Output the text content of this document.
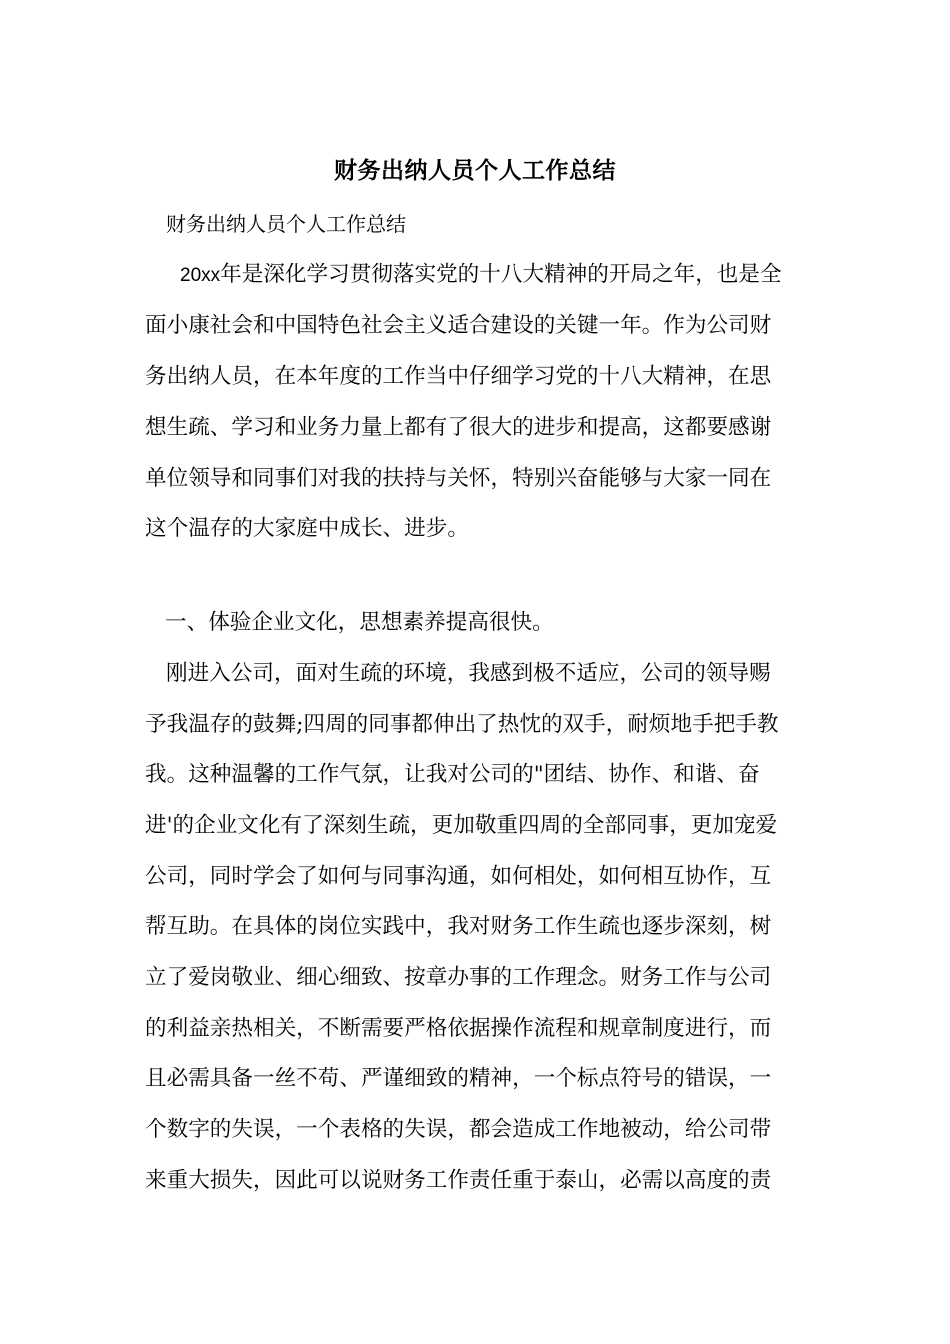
财务出纳人员个人工作总结
财务出纳人员个人工作总结
20xx年是深化学习贯彻落实党的十八大精神的开局之年，也是全
面小康社会和中国特色社会主义适合建设的关键一年。作为公司财
务出纳人员，在本年度的工作当中仔细学习党的十八大精神，在思
想生疏、学习和业务力量上都有了很大的进步和提高，这都要感谢
单位领导和同事们对我的扶持与关怀，特别兴奋能够与大家一同在
这个温存的大家庭中成长、进步。
一、体验企业文化，思想素养提高很快。
刚进入公司，面对生疏的环境，我感到极不适应，公司的领导赐
予我温存的鼓舞;四周的同事都伸出了热忱的双手，耐烦地手把手教
我。这种温馨的工作气氛，让我对公司的"团结、协作、和谐、奋
进'的企业文化有了深刻生疏，更加敬重四周的全部同事，更加宠爱
公司，同时学会了如何与同事沟通，如何相处，如何相互协作，互
帮互助。在具体的岗位实践中，我对财务工作生疏也逐步深刻，树
立了爱岗敬业、细心细致、按章办事的工作理念。财务工作与公司
的利益亲热相关，不断需要严格依据操作流程和规章制度进行，而
且必需具备一丝不苟、严谨细致的精神，一个标点符号的错误，一
个数字的失误，一个表格的失误，都会造成工作地被动，给公司带
来重大损失，因此可以说财务工作责任重于泰山，必需以高度的责
